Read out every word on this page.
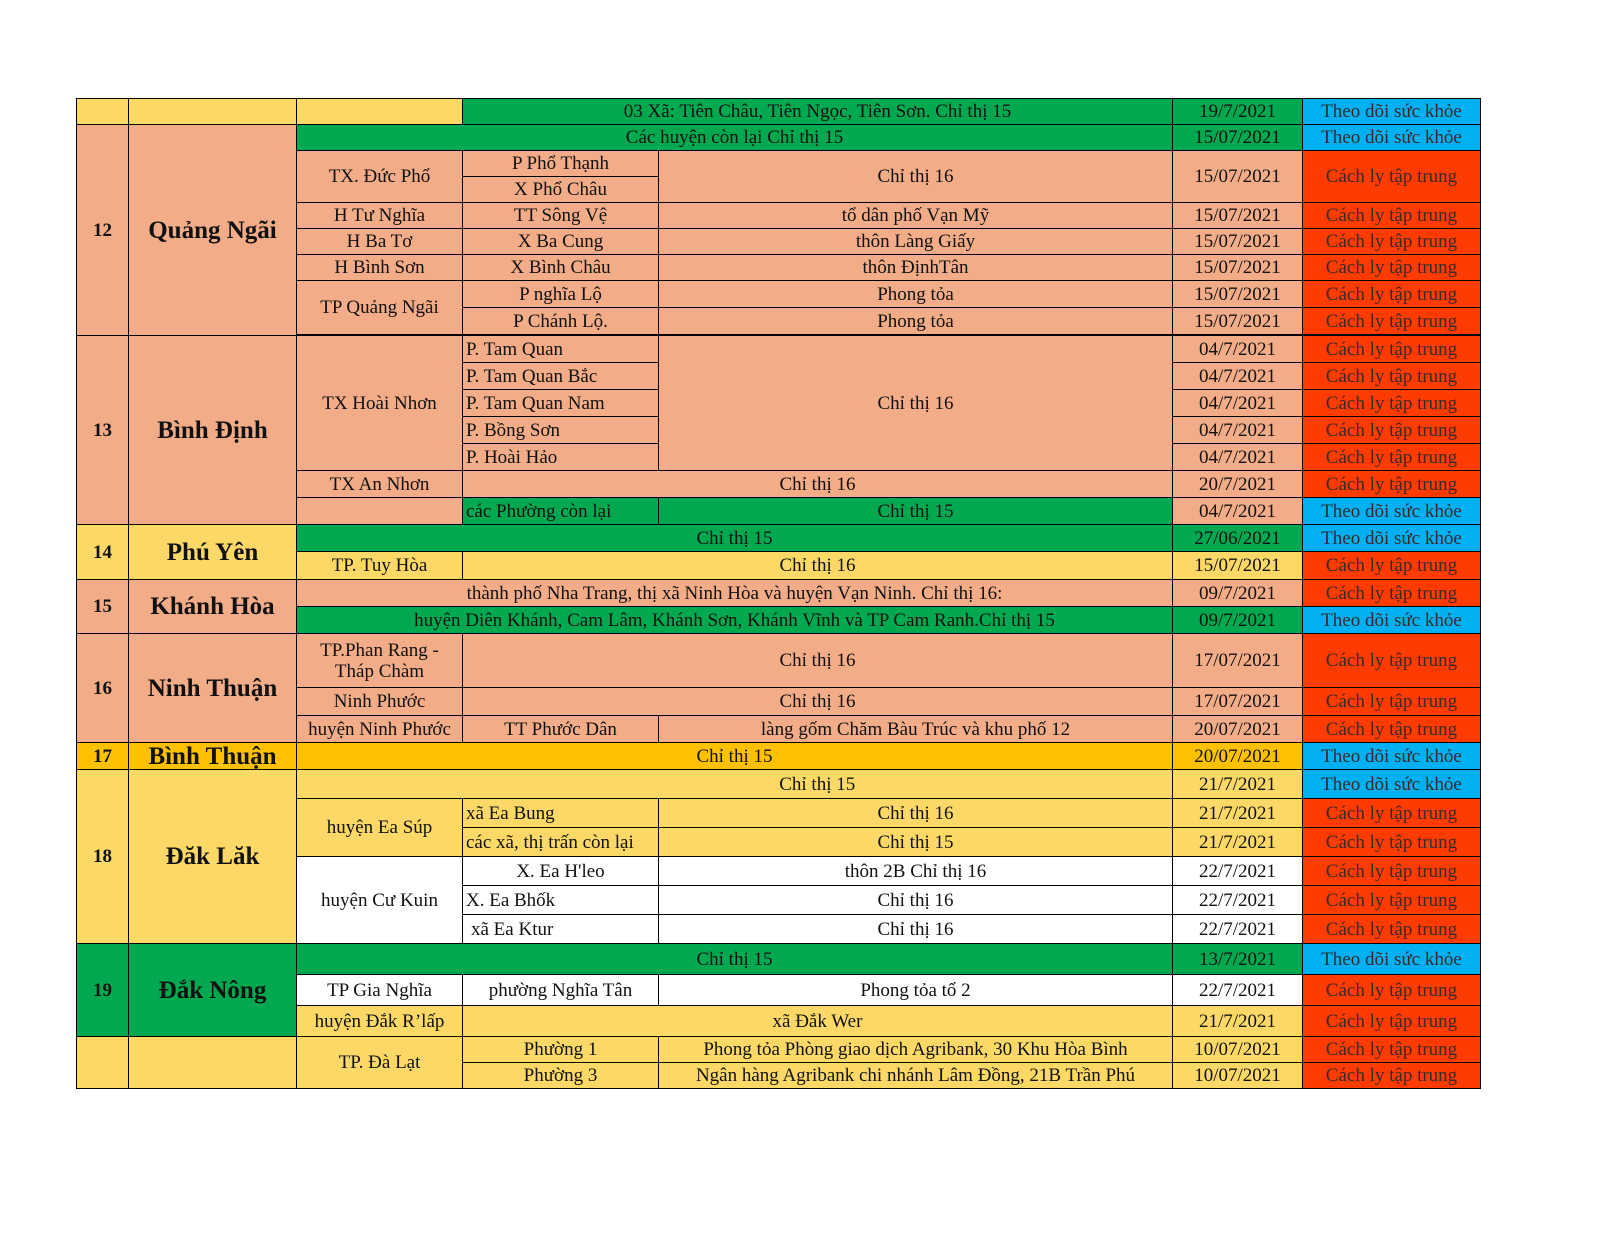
			03 Xã: Tiên Châu, Tiên Ngọc, Tiên Sơn. Chỉ thị 15		19/7/2021	Theo dõi sức khỏe
12	Quảng Ngãi	Các huyện còn lại Chỉ thị 15			15/07/2021	Theo dõi sức khỏe
		TX. Đức Phổ	P Phổ Thạnh	Chỉ thị 16	15/07/2021	Cách ly tập trung
			X Phổ Châu			
		H Tư Nghĩa	TT Sông Vệ	tổ dân phố Vạn Mỹ	15/07/2021	Cách ly tập trung
		H Ba Tơ	X Ba Cung	thôn Làng Giấy	15/07/2021	Cách ly tập trung
		H Bình Sơn	X Bình Châu	thôn ĐịnhTân	15/07/2021	Cách ly tập trung
		TP Quảng Ngãi	P nghĩa Lộ	Phong tỏa	15/07/2021	Cách ly tập trung
			P Chánh Lộ.	Phong tỏa	15/07/2021	Cách ly tập trung

13	Bình Định	TX Hoài Nhơn	P. Tam Quan	Chỉ thị 16	04/7/2021	Cách ly tập trung
			P. Tam Quan Bắc		04/7/2021	Cách ly tập trung
			P. Tam Quan Nam		04/7/2021	Cách ly tập trung
			P. Bồng Sơn		04/7/2021	Cách ly tập trung
			P. Hoài Hảo		04/7/2021	Cách ly tập trung
		TX An Nhơn	Chỉ thị 16		20/7/2021	Cách ly tập trung
			các Phường còn lại	Chỉ thị 15	04/7/2021	Theo dõi sức khỏe
14	Phú Yên	Chỉ thị 15			27/06/2021	Theo dõi sức khỏe
		TP. Tuy Hòa	Chỉ thị 16		15/07/2021	Cách ly tập trung
15	Khánh Hòa	thành phố Nha Trang, thị xã Ninh Hòa và huyện Vạn Ninh. Chỉ thị 16:			09/7/2021	Cách ly tập trung
		huyện Diên Khánh, Cam Lâm, Khánh Sơn, Khánh Vĩnh và TP Cam Ranh.Chỉ thị 15			09/7/2021	Theo dõi sức khỏe
16	Ninh Thuận	TP.Phan Rang - Tháp Chàm	Chỉ thị 16		17/07/2021	Cách ly tập trung
		Ninh Phước	Chỉ thị 16		17/07/2021	Cách ly tập trung
		huyện Ninh Phước	TT Phước Dân	làng gốm Chăm Bàu Trúc và khu phố 12	20/07/2021	Cách ly tập trung
17	Bình Thuận	Chỉ thị 15			20/07/2021	Theo dõi sức khỏe
18	Đăk Lăk		Chỉ thị 15		21/7/2021	Theo dõi sức khỏe
		huyện Ea Súp	xã Ea Bung	Chỉ thị 16	21/7/2021	Cách ly tập trung
			các xã, thị trấn còn lại	Chỉ thị 15	21/7/2021	Cách ly tập trung
		huyện Cư Kuin	X. Ea H'leo	thôn 2B Chỉ thị 16	22/7/2021	Cách ly tập trung
			X. Ea Bhốk	Chỉ thị 16	22/7/2021	Cách ly tập trung
			xã Ea Ktur	Chỉ thị 16	22/7/2021	Cách ly tập trung
19	Đắk Nông	Chỉ thị 15			13/7/2021	Theo dõi sức khỏe
		TP Gia Nghĩa	phường Nghĩa Tân	Phong tỏa tổ 2	22/7/2021	Cách ly tập trung
		huyện Đắk R’lấp	xã Đắk Wer		21/7/2021	Cách ly tập trung
		TP. Đà Lạt	Phường 1	Phong tỏa Phòng giao dịch Agribank, 30 Khu Hòa Bình	10/07/2021	Cách ly tập trung
			Phường 3	Ngân hàng Agribank chi nhánh Lâm Đồng, 21B Trần Phú	10/07/2021	Cách ly tập trung
